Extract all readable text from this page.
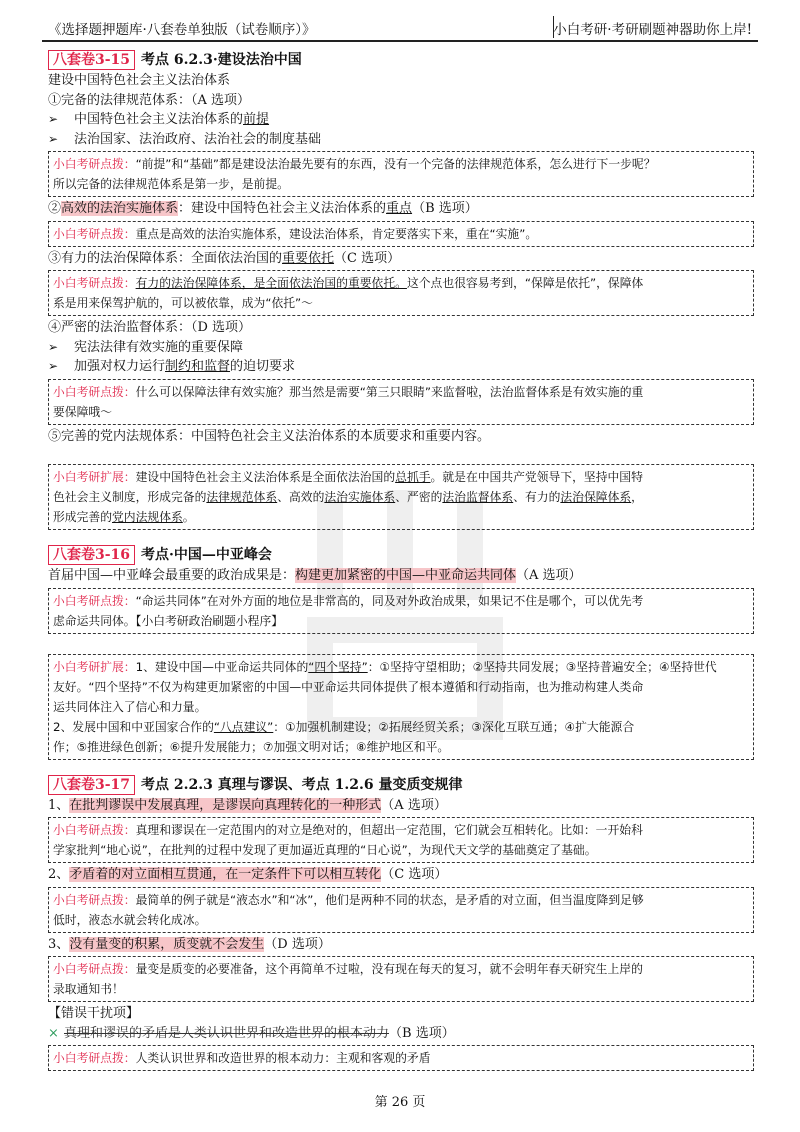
《选择题押题库·八套卷单独版（试卷顺序）》	小白考研·考研刷题神器助你上岸!
八套卷3-15 考点 6.2.3·建设法治中国
建设中国特色社会主义法治体系
①完备的法律规范体系：（A 选项）
➢ 中国特色社会主义法治体系的前提
➢ 法治国家、法治政府、法治社会的制度基础
小白考研点拨：“前提”和“基础”都是建设法治最先要有的东西，没有一个完备的法律规范体系，怎么进行下一步呢？
所以完备的法律规范体系是第一步，是前提。
②高效的法治实施体系：建设中国特色社会主义法治体系的重点（B 选项）
小白考研点拨：重点是高效的法治实施体系，建设法治体系，肯定要落实下来，重在“实施”。
③有力的法治保障体系：全面依法治国的重要依托（C 选项）
小白考研点拨：有力的法治保障体系，是全面依法治国的重要依托。这个点也很容易考到，“保障是依托”，保障体
系是用来保驾护航的，可以被依靠，成为“依托”～
④严密的法治监督体系：（D 选项）
➢ 宪法法律有效实施的重要保障
➢ 加强对权力运行制约和监督的迫切要求
小白考研点拨：什么可以保障法律有效实施？那当然是需要“第三只眼睛”来监督啦，法治监督体系是有效实施的重
要保障哦～
⑤完善的党内法规体系：中国特色社会主义法治体系的本质要求和重要内容。
小白考研扩展：建设中国特色社会主义法治体系是全面依法治国的总抓手。就是在中国共产党领导下，坚持中国特
色社会主义制度，形成完备的法律规范体系、高效的法治实施体系、严密的法治监督体系、有力的法治保障体系，
形成完善的党内法规体系。
八套卷3-16 考点·中国—中亚峰会
首届中国—中亚峰会最重要的政治成果是：构建更加紧密的中国—中亚命运共同体（A 选项）
小白考研点拨：“命运共同体”在对外方面的地位是非常高的，同及对外政治成果，如果记不住是哪个，可以优先考
虑命运共同体。【小白考研政治刷题小程序】
小白考研扩展：1、建设中国—中亚命运共同体的“四个坚持”：①坚持守望相助；②坚持共同发展；③坚持普遍安全；④坚持世代
友好。“四个坚持”不仅为构建更加紧密的中国—中亚命运共同体提供了根本遵循和行动指南，也为推动构建人类命
运共同体注入了信心和力量。
2、发展中国和中亚国家合作的“八点建议”：①加强机制建设；②拓展经贸关系；③深化互联互通；④扩大能源合
作；⑤推进绿色创新；⑥提升发展能力；⑦加强文明对话；⑧维护地区和平。
八套卷3-17 考点 2.2.3 真理与谬误、考点 1.2.6 量变质变规律
1、在批判谬误中发展真理，是谬误向真理转化的一种形式（A 选项）
小白考研点拨：真理和谬误在一定范围内的对立是绝对的，但超出一定范围，它们就会互相转化。比如：一开始科
学家批判“地心说”，在批判的过程中发现了更加逼近真理的“日心说”，为现代天文学的基础奠定了基础。
2、矛盾着的对立面相互贯通，在一定条件下可以相互转化（C 选项）
小白考研点拨：最简单的例子就是“液态水”和“冰”，他们是两种不同的状态，是矛盾的对立面，但当温度降到足够
低时，液态水就会转化成冰。
3、没有量变的积累，质变就不会发生（D 选项）
小白考研点拨：量变是质变的必要准备，这个再简单不过啦，没有现在每天的复习，就不会明年春天研究生上岸的
录取通知书！
【错误干扰项】
× 真理和谬误的矛盾是人类认识世界和改造世界的根本动力（B 选项）
小白考研点拨：人类认识世界和改造世界的根本动力：主观和客观的矛盾
第 26 页
